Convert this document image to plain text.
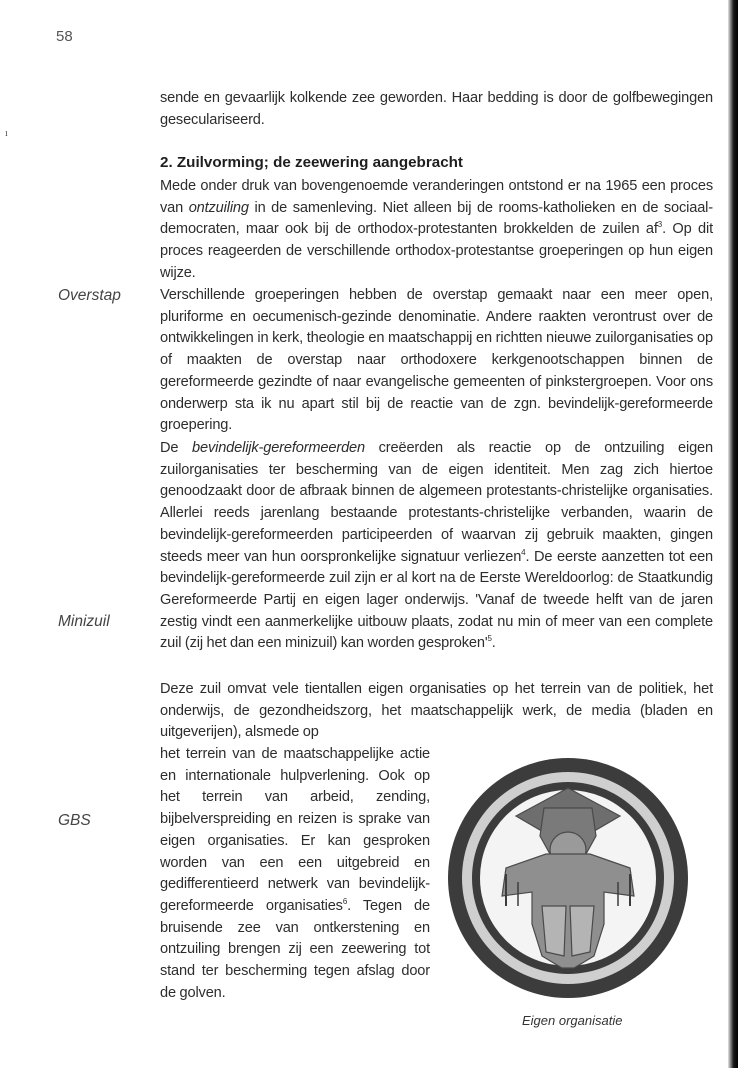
58
ı

sende en gevaarlijk kolkende zee geworden. Haar bedding is door de golfbewegingen geseculariseerd.

2. Zuilvorming; de zeewering aangebracht

Mede onder druk van bovengenoemde veranderingen ontstond er na 1965 een proces van ontzuiling in de samenleving. Niet alleen bij de rooms-katholieken en de sociaal-democraten, maar ook bij de orthodox-protestanten brokkelden de zuilen $af^3$. Op dit proces reageerden de verschillende orthodox-protestantse groeperingen op hun eigen wijze.

Overstap	Verschillende groeperingen hebben de overstap gemaakt naar een meer open, pluriforme en oecumenisch-gezinde denominatie. Andere raakten verontrust over de ontwikkelingen in kerk, theologie en maatschappij en richtten nieuwe zuilorganisaties op of maakten de overstap naar orthodoxere kerkgenootschappen binnen de gereformeerde gezindte of naar evangelische gemeenten of pinkstergroepen. Voor ons onderwerp sta ik nu apart stil bij de reactie van de zgn. bevindelijk-gereformeerde groepering.

De bevindelijk-gereformeerden creëerden als reactie op de ontzuiling eigen zuilorganisaties ter bescherming van de eigen identiteit. Men zag zich hiertoe genoodzaakt door de afbraak binnen de algemeen protestants-christelijke organisaties. Allerlei reeds jarenlang bestaande protestants-christelijke verbanden, waarin de bevindelijk-gereformeerden participeerden of waarvan zij gebruik maakten, gingen steeds meer van hun oorspronkelijke signatuur verliezen$^4$. De eerste aanzetten tot een bevindelijk-gereformeerde zuil zijn er al kort na de Eerste Wereldoorlog: de Staatkundig Gereformeerde Partij en eigen lager onderwijs. 'Vanaf de tweede helft van de jaren zestig vindt een aanmerkelijke uitbouw plaats, zodat nu min of meer van een complete zuil (zij het dan een minizuil) kan worden $gesproken'^5$.

Minizuil

Deze zuil omvat vele tientallen eigen organisaties op het terrein van de politiek, het onderwijs, de gezondheidszorg, het maatschappelijk werk, de media (bladen en uitgeverijen), alsmede op

het terrein van de maatschappelijke actie en internationale hulpverlening. Ook op het terrein van arbeid, zending, bijbelverspreiding en reizen is sprake van eigen organisaties. Er kan gesproken worden van een een uitgebreid en gedifferentieerd netwerk van bevindelijk-gereformeerde organisaties$^6$. Tegen de bruisende zee van ontkerstening en ontzuiling brengen zij een zeewering tot stand ter bescherming tegen afslag door de golven.

GBS
Eigen organisatie
